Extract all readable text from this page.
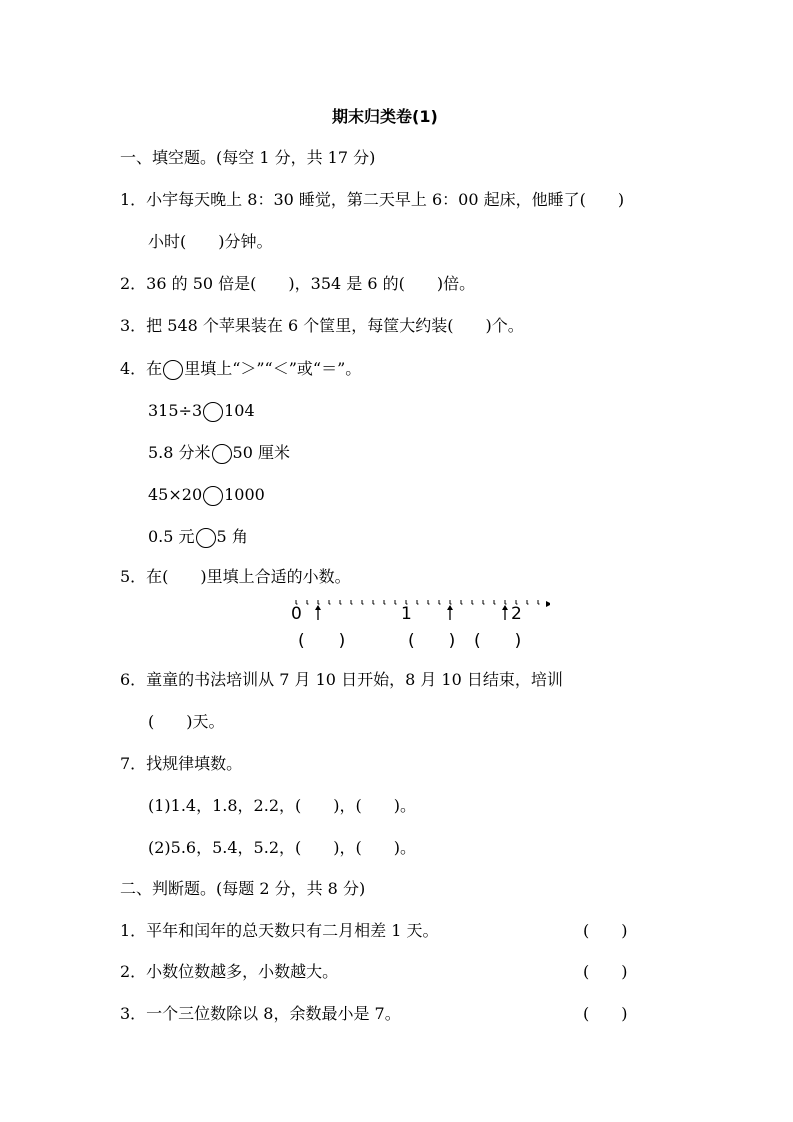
期末归类卷(1)
一、填空题。(每空 1 分，共 17 分)
1．小宇每天晚上 8：30 睡觉，第二天早上 6：00 起床，他睡了(　　)
小时(　　)分钟。
2．36 的 50 倍是(　　)，354 是 6 的(　　)倍。
3．把 548 个苹果装在 6 个筐里，每筐大约装(　　)个。
4．在 里填上“＞”“＜”或“＝”。
315÷3 104
5.8 分米 50 厘米
45×20 1000
0.5 元 5 角
5．在(　　)里填上合适的小数。
0	1	2
(　　)	(　　) (　　)
6．童童的书法培训从 7 月 10 日开始，8 月 10 日结束，培训
(　　)天。
7．找规律填数。
(1)1.4，1.8，2.2，(　　)，(　　)。
(2)5.6，5.4，5.2，(　　)，(　　)。
二、判断题。(每题 2 分，共 8 分)
1．平年和闰年的总天数只有二月相差 1 天。	(　　)
2．小数位数越多，小数越大。	(　　)
3．一个三位数除以 8，余数最小是 7。	(　　)
